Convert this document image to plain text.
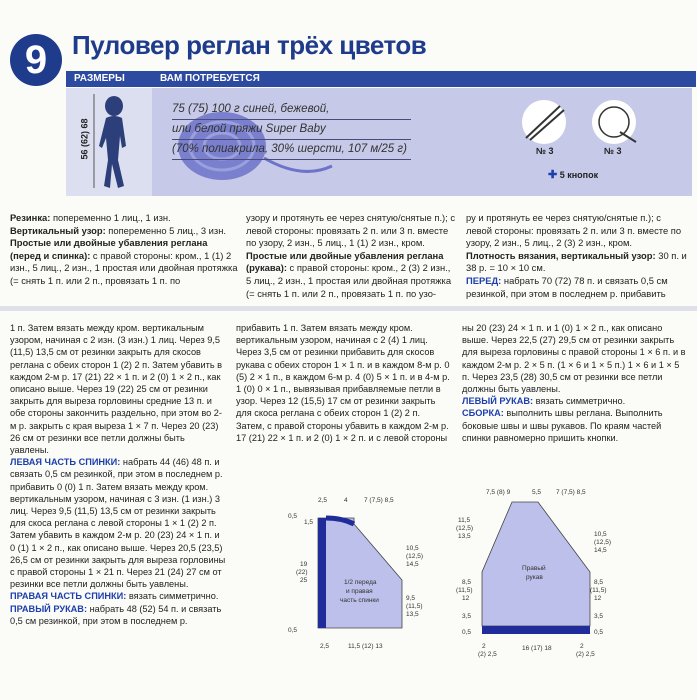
9 Пуловер реглан трёх цветов
РАЗМЕРЫ	ВАМ ПОТРЕБУЕТСЯ
56 (62) 68	№ 3	№ 3
✚ 5 кнопок
75 (75) 100 г синей, бежевой,
или белой пряжи Super Baby
(70% полиакрила, 30% шерсти, 107 м/25 г)

Резинка: попеременно 1 лиц., 1 изн.

Вертикальный узор: попеременно 5 лиц., 3 изн.

Простые или двойные убавления реглана (перед и спинка): с правой стороны: кром., 1 (1) 2 изн., 5 лиц., 2 изн., 1 простая или двойная протяжка (= снять 1 п. или 2 п., провязать 1 п. по

узору и протянуть ее через снятую/снятые п.); с левой стороны: провязать 2 п. или 3 п. вместе по узору, 2 изн., 5 лиц., 1 (1) 2 изн., кром.

Простые или двойные убавления реглана (рукава): с правой стороны: кром., 2 (3) 2 изн., 5 лиц., 2 изн., 1 простая или двойная протяжка (= снять 1 п. или 2 п., провязать 1 п. по узо-

ру и протянуть ее через снятую/снятые п.); с левой стороны: провязать 2 п. или 3 п. вместе по узору, 2 изн., 5 лиц., 2 (3) 2 изн., кром.

Плотность вязания, вертикальный узор: 30 п. и 38 р. = 10 × 10 см.

ПЕРЕД: набрать 70 (72) 78 п. и связать 0,5 см резинкой, при этом в последнем р. прибавить

1 п. Затем вязать между кром. вертикальным узором, начиная с 2 изн. (3 изн.) 1 лиц. Через 9,5 (11,5) 13,5 см от резинки закрыть для скосов реглана с обеих сторон 1 (2) 2 п. Затем убавить в каждом 2-м р. 17 (21) 22 × 1 п. и 2 (0) 1 × 2 п., как описано выше. Через 19 (22) 25 см от резинки закрыть для выреза горловины средние 13 п. и обе стороны закончить раздельно, при этом во 2-м р. закрыть с края выреза 1 × 7 п. Через 20 (23) 26 см от резинки все петли должны быть уавлены.

ЛЕВАЯ ЧАСТЬ СПИНКИ: набрать 44 (46) 48 п. и связать 0,5 см резинкой, при этом в последнем р. прибавить 0 (0) 1 п. Затем вязать между кром. вертикальным узором, начиная с 3 изн. (1 изн.) 3 лиц. Через 9,5 (11,5) 13,5 см от резинки закрыть для скоса реглана с левой стороны 1 × 1 (2) 2 п. Затем убавить в каждом 2-м р. 20 (23) 24 × 1 п. и 0 (1) 1 × 2 п., как описано выше. Через 20,5 (23,5) 26,5 см от резинки закрыть для выреза горловины с правой стороны 1 × 21 п. Через 21 (24) 27 см от резинки все петли должны быть уавлены.

ПРАВАЯ ЧАСТЬ СПИНКИ: вязать симметрично.

ПРАВЫЙ РУКАВ: набрать 48 (52) 54 п. и связать 0,5 см резинкой, при этом в последнем р.

прибавить 1 п. Затем вязать между кром. вертикальным узором, начиная с 2 (4) 1 лиц. Через 3,5 см от резинки прибавить для скосов рукава с обеих сторон 1 × 1 п. и в каждом 8-м р. 0 (5) 2 × 1 п., в каждом 6-м р. 4 (0) 5 × 1 п. и в 4-м р. 1 (0) 0 × 1 п., вывязывая прибавляемые петли в узор. Через 12 (15,5) 17 см от резинки закрыть для скоса реглана с обеих сторон 1 (2) 2 п. Затем, с правой стороны убавить в каждом 2-м р. 17 (21) 22 × 1 п. и 2 (0) 1 × 2 п. и с левой стороны

ны 20 (23) 24 × 1 п. и 1 (0) 1 × 2 п., как описано выше. Через 22,5 (27) 29,5 см от резинки закрыть для выреза горловины с правой стороны 1 × 6 п. и в каждом 2-м р. 2 × 5 п. (1 × 6 и 1 × 5 п.) 1 × 6 и 1 × 5 п. Через 23,5 (28) 30,5 см от резинки все петли должны быть уавлены.

ЛЕВЫЙ РУКАВ: вязать симметрично.

СБОРКА: выполнить швы реглана. Выполнить боковые швы и швы рукавов. По краям частей спинки равномерно пришить кнопки.

1/2 переда
и правая
часть спинки
2,5	4	7 (7,5) 8,5
0,5
1,5
19
(22)
25
0,5
10,5
(12,5)
14,5
9,5
(11,5)
13,5
2,5	11,5 (12) 13
Правый
рукав
7,5 (8) 9	5,5 7 (7,5) 8,5
11,5
(12,5)
13,5
8,5
(11,5)
12
3,5
0,5
10,5
(12,5)
14,5
8,5
(11,5)
12
3,5
0,5
2
(2) 2,5
16 (17) 18	2
(2) 2,5
